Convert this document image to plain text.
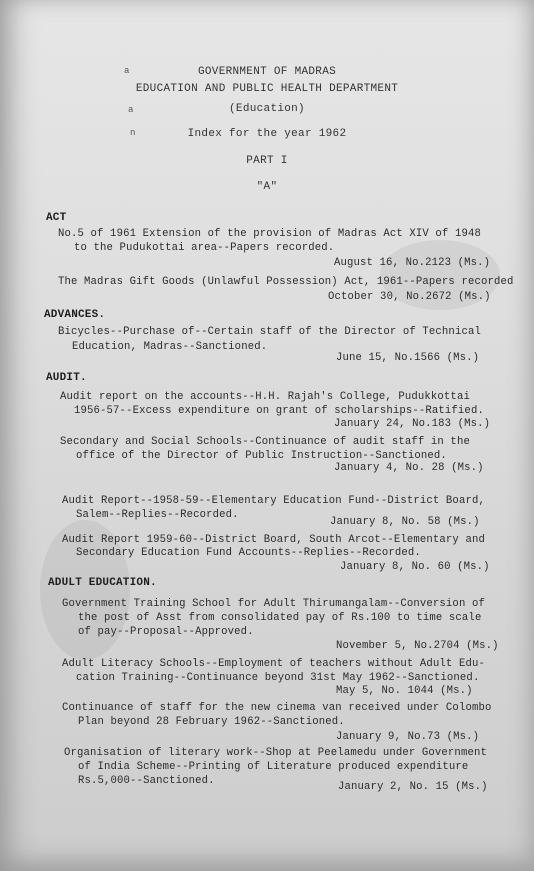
a
a
n
GOVERNMENT OF MADRAS
EDUCATION AND PUBLIC HEALTH DEPARTMENT
(Education)
Index for the year 1962
PART I
"A"
ACT
No.5 of 1961 Extension of the provision of Madras Act XIV of 1948
to the Pudukottai area--Papers recorded.
August 16, No.2123 (Ms.)
The Madras Gift Goods (Unlawful Possession) Act, 1961--Papers recorded
October 30, No.2672 (Ms.)
ADVANCES.
Bicycles--Purchase of--Certain staff of the Director of Technical
Education, Madras--Sanctioned.
June 15, No.1566 (Ms.)
AUDIT.
Audit report on the accounts--H.H. Rajah's College, Pudukkottai
1956-57--Excess expenditure on grant of scholarships--Ratified.
January 24, No.183 (Ms.)
Secondary and Social Schools--Continuance of audit staff in the
office of the Director of Public Instruction--Sanctioned.
January 4, No. 28 (Ms.)
Audit Report--1958-59--Elementary Education Fund--District Board,
Salem--Replies--Recorded.
January 8, No. 58 (Ms.)
Audit Report 1959-60--District Board, South Arcot--Elementary and
Secondary Education Fund Accounts--Replies--Recorded.
January 8, No. 60 (Ms.)
ADULT EDUCATION.
Government Training School for Adult Thirumangalam--Conversion of
the post of Asst from consolidated pay of Rs.100 to time scale
of pay--Proposal--Approved.
November 5, No.2704 (Ms.)
Adult Literacy Schools--Employment of teachers without Adult Edu-
cation Training--Continuance beyond 31st May 1962--Sanctioned.
May 5, No. 1044 (Ms.)
Continuance of staff for the new cinema van received under Colombo
Plan beyond 28 February 1962--Sanctioned.
January 9, No.73 (Ms.)
Organisation of literary work--Shop at Peelamedu under Government
of India Scheme--Printing of Literature produced expenditure
Rs.5,000--Sanctioned.	January 2, No. 15 (Ms.)
